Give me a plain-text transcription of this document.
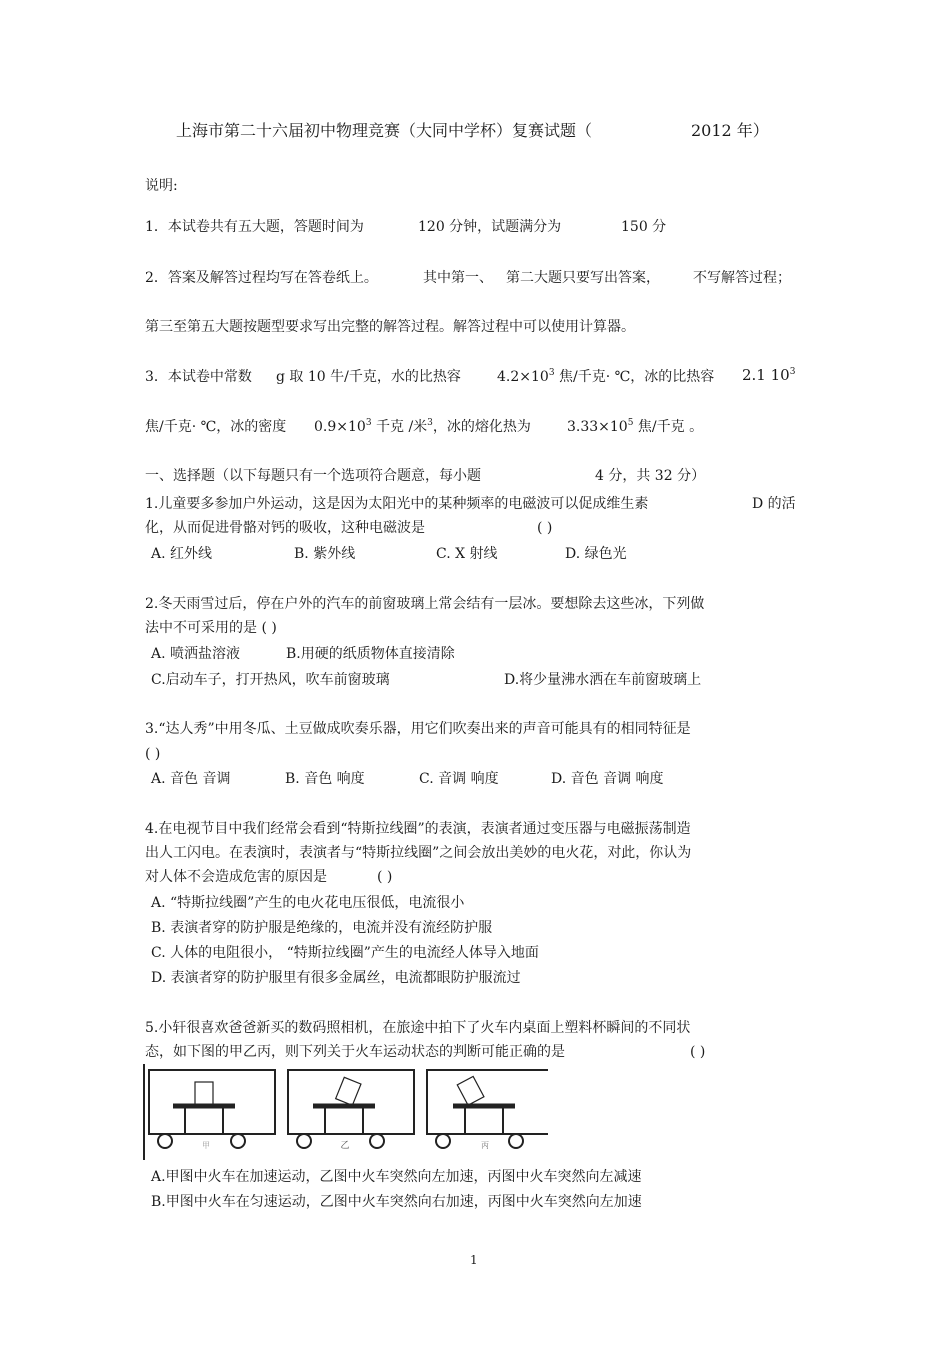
上海市第二十六届初中物理竞赛（大同中学杯）复赛试题（	2012 年）
说明:
1．本试卷共有五大题，答题时间为	120 分钟，试题满分为	150 分
2．答案及解答过程均写在答卷纸上。	其中第一、 第二大题只要写出答案， 不写解答过程；
第三至第五大题按题型要求写出完整的解答过程。解答过程中可以使用计算器。
3．本试卷中常数 g 取 10 牛/千克，水的比热容	$4.2\times 10^3$ 焦/千克· ℃，冰的比热容 2.1 $10^3$
焦/千克· ℃，冰的密度 $0.9\times 10^3$ 千克 /米$^3$，冰的熔化热为	$3.33\times 10^5$ 焦/千克 。
一、选择题（以下每题只有一个选项符合题意，每小题	4 分，共 32 分）
1.儿童要多参加户外运动，这是因为太阳光中的某种频率的电磁波可以促成维生素	D 的活
化，从而促进骨骼对钙的吸收，这种电磁波是	( )
A. 红外线	B. 紫外线	C. X 射线	D. 绿色光
2.冬天雨雪过后，停在户外的汽车的前窗玻璃上常会结有一层冰。要想除去这些冰，下列做
法中不可采用的是 ( )
A. 喷洒盐溶液	B.用硬的纸质物体直接清除
C.启动车子，打开热风，吹车前窗玻璃	D.将少量沸水洒在车前窗玻璃上
3.“达人秀”中用冬瓜、土豆做成吹奏乐器，用它们吹奏出来的声音可能具有的相同特征是
( )
A. 音色 音调	B. 音色 响度	C. 音调 响度	D. 音色 音调 响度
4.在电视节目中我们经常会看到“特斯拉线圈”的表演，表演者通过变压器与电磁振荡制造
出人工闪电。在表演时，表演者与“特斯拉线圈”之间会放出美妙的电火花，对此，你认为
对人体不会造成危害的原因是	( )
A. “特斯拉线圈”产生的电火花电压很低，电流很小
B. 表演者穿的防护服是绝缘的，电流并没有流经防护服
C. 人体的电阻很小， “特斯拉线圈”产生的电流经人体导入地面
D. 表演者穿的防护服里有很多金属丝，电流都眼防护服流过
5.小轩很喜欢爸爸新买的数码照相机，在旅途中拍下了火车内桌面上塑料杯瞬间的不同状
态，如下图的甲乙丙，则下列关于火车运动状态的判断可能正确的是	( )
甲	乙	丙
A.甲图中火车在加速运动，乙图中火车突然向左加速，丙图中火车突然向左减速
B.甲图中火车在匀速运动，乙图中火车突然向右加速，丙图中火车突然向左加速
1
